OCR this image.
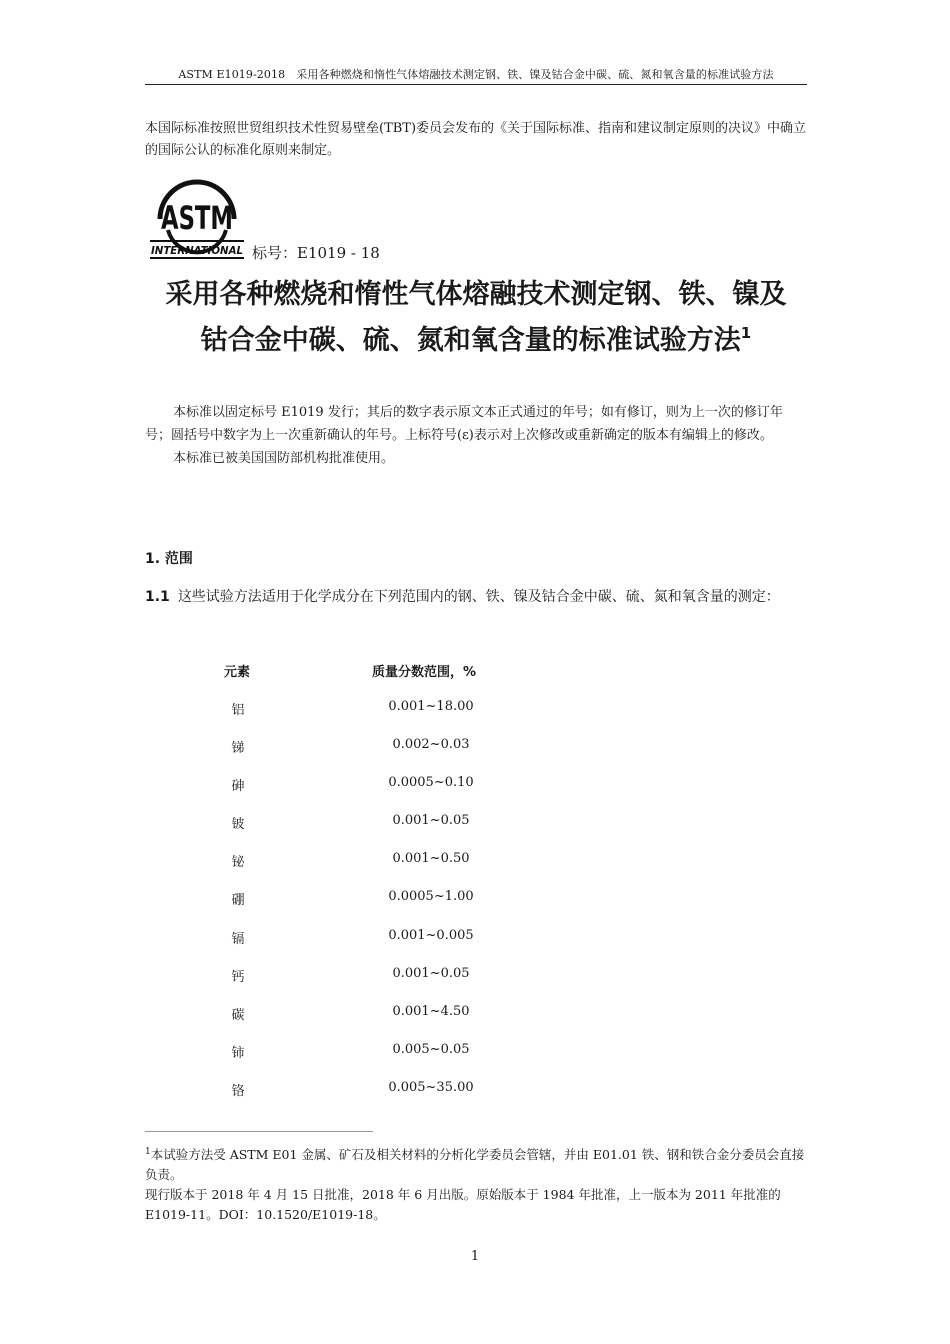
ASTM E1019-2018　采用各种燃烧和惰性气体熔融技术测定钢、铁、镍及钴合金中碳、硫、氮和氧含量的标准试验方法
本国际标准按照世贸组织技术性贸易壁垒(TBT)委员会发布的《关于国际标准、指南和建议制定原则的决议》中确立的国际公认的标准化原则来制定。
ASTM
INTERNATIONAL 标号：E1019 - 18
采用各种燃烧和惰性气体熔融技术测定钢、铁、镍及
钴合金中碳、硫、氮和氧含量的标准试验方法$^1$

本标准以固定标号 E1019 发行；其后的数字表示原文本正式通过的年号；如有修订，则为上一次的修订年号；圆括号中数字为上一次重新确认的年号。上标符号(ε)表示对上次修改或重新确定的版本有编辑上的修改。

本标准已被美国国防部机构批准使用。

1. 范围
1.1 这些试验方法适用于化学成分在下列范围内的钢、铁、镍及钴合金中碳、硫、氮和氧含量的测定：
元素	质量分数范围，%
铝	0.001~18.00
锑	0.002~0.03
砷	0.0005~0.10
铍	0.001~0.05
铋	0.001~0.50
硼	0.0005~1.00
镉	0.001~0.005
钙	0.001~0.05
碳	0.001~4.50
铈	0.005~0.05
铬	0.005~35.00

$^1$本试验方法受 ASTM E01 金属、矿石及相关材料的分析化学委员会管辖，并由 E01.01 铁、钢和铁合金分委员会直接负责。

现行版本于 2018 年 4 月 15 日批准，2018 年 6 月出版。原始版本于 1984 年批准，上一版本为 2011 年批准的 E1019-11。DOI：10.1520/E1019-18。

1
